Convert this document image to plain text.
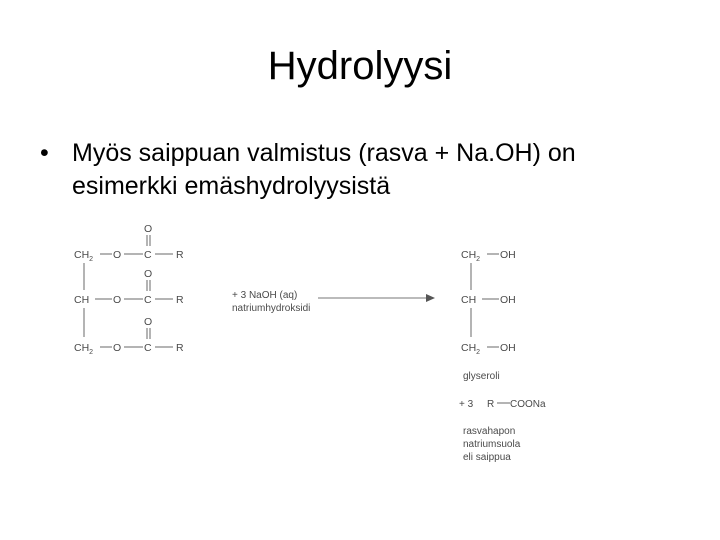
Hydrolyysi
• Myös saippuan valmistus (rasva + Na.OH) on esimerkki emäshydrolyysistä
$CH_2$ O C R
O
CH O C R
O
$CH_2$ O C R
O
+ 3 NaOH (aq)
natriumhydroksidi
$CH_2$ OH
CH OH
$CH_2$ OH
glyseroli
+ 3 R COONa
rasvahapon
natriumsuola
eli saippua
